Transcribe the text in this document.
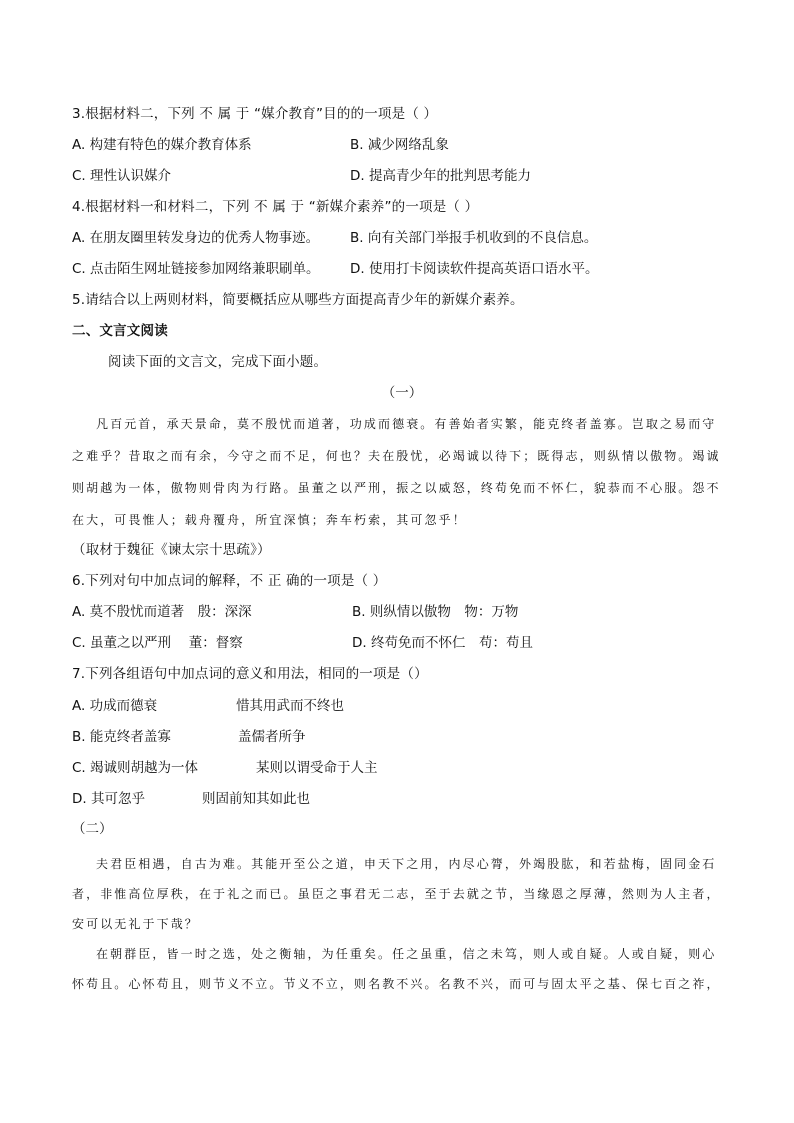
3.根据材料二，下列 不 属 于 “媒介教育”目的的一项是（ ）
A. 构建有特色的媒介教育体系	B. 减少网络乱象
C. 理性认识媒介	D. 提高青少年的批判思考能力
4.根据材料一和材料二，下列 不 属 于 “新媒介素养”的一项是（ ）
A. 在朋友圈里转发身边的优秀人物事迹。 B. 向有关部门举报手机收到的不良信息。
C. 点击陌生网址链接参加网络兼职刷单。 D. 使用打卡阅读软件提高英语口语水平。
5.请结合以上两则材料，简要概括应从哪些方面提高青少年的新媒介素养。
二、文言文阅读
阅读下面的文言文，完成下面小题。
（一）
凡百元首，承天景命，莫不殷忧而道著，功成而德衰。有善始者实繁，能克终者盖寡。岂取之易而守
之难乎？昔取之而有余，今守之而不足，何也？夫在殷忧，必竭诚以待下；既得志，则纵情以傲物。竭诚
则胡越为一体，傲物则骨肉为行路。虽董之以严刑，振之以威怒，终苟免而不怀仁，貌恭而不心服。怨不
在大，可畏惟人；载舟覆舟，所宜深慎；奔车朽索，其可忽乎！
（取材于魏征《谏太宗十思疏》）
6.下列对句中加点词的解释，不 正 确的一项是（ ）
A. 莫不殷忧而道著　殷：深深	B. 则纵情以傲物　物：万物
C. 虽董之以严刑　 董：督察	D. 终苟免而不怀仁　苟：苟且
7.下列各组语句中加点词的意义和用法，相同的一项是（）
A. 功成而德衰	惜其用武而不终也
B. 能克终者盖寡	盖儒者所争
C. 竭诚则胡越为一体	某则以谓受命于人主
D. 其可忽乎	则固前知其如此也
（二）
夫君臣相遇，自古为难。其能开至公之道，申天下之用，内尽心膂，外竭股肱，和若盐梅，固同金石
者，非惟高位厚秩，在于礼之而已。虽臣之事君无二志，至于去就之节，当缘恩之厚薄，然则为人主者，
安可以无礼于下哉？
在朝群臣，皆一时之选，处之衡轴，为任重矣。任之虽重，信之未笃，则人或自疑。人或自疑，则心
怀苟且。心怀苟且，则节义不立。节义不立，则名教不兴。名教不兴，而可与固太平之基、保七百之祚，
